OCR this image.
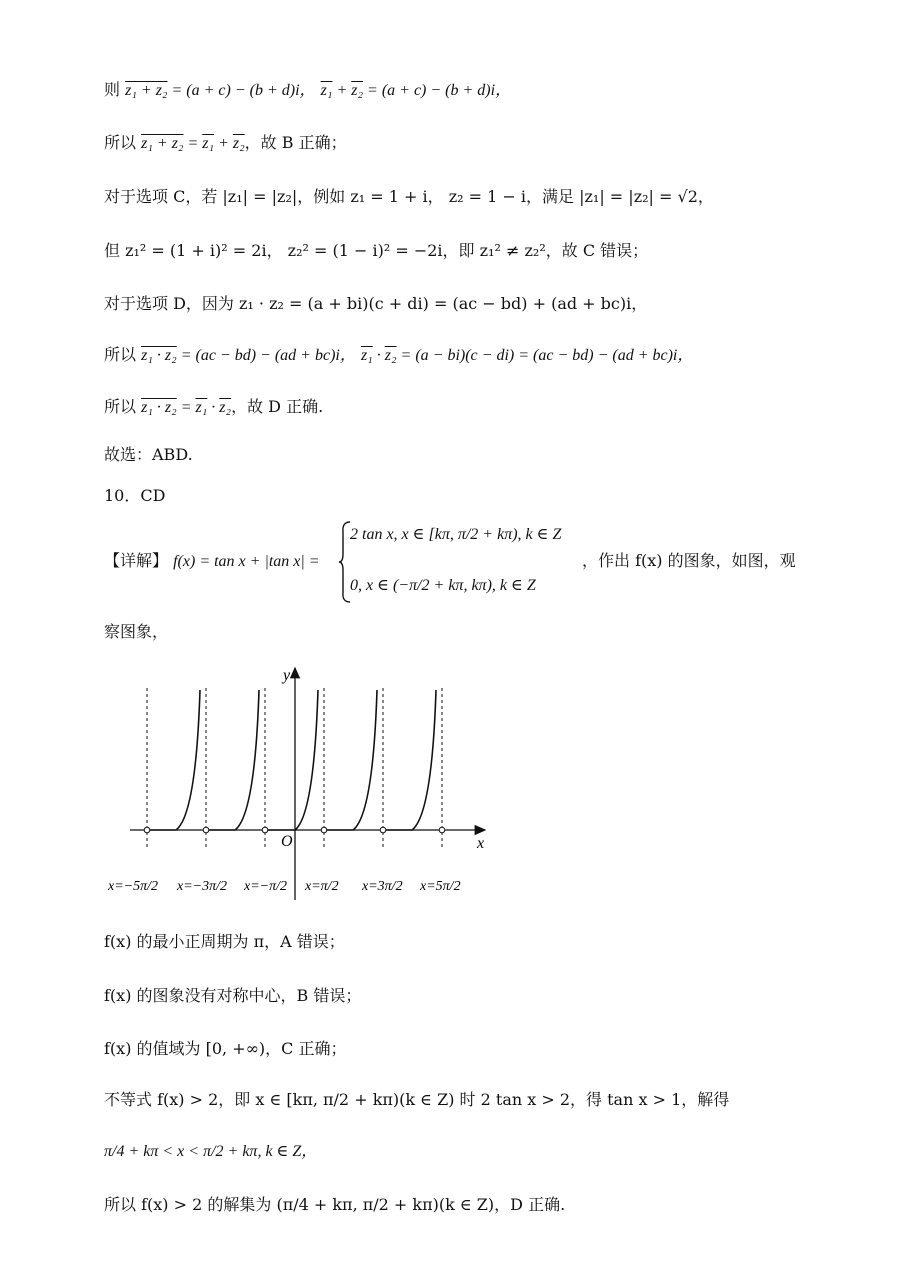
则 z₁ + z₂ = (a + c) − (b + d)i， z₁ + z₂ = (a + c) − (b + d)i，
所以 z₁ + z₂ = z₁ + z₂，故 B 正确；
对于选项 C，若 |z₁| = |z₂|，例如 z₁ = 1 + i， z₂ = 1 − i，满足 |z₁| = |z₂| = √2，
但 z₁² = (1 + i)² = 2i， z₂² = (1 − i)² = −2i，即 z₁² ≠ z₂²，故 C 错误；
对于选项 D，因为 z₁ · z₂ = (a + bi)(c + di) = (ac − bd) + (ad + bc)i，
所以 z₁ · z₂ = (ac − bd) − (ad + bc)i， z₁ · z₂ = (a − bi)(c − di) = (ac − bd) − (ad + bc)i，
所以 z₁ · z₂ = z₁ · z₂，故 D 正确.
故选：ABD.
10．CD
【详解】 f(x) = tan x + |tan x| =
2 tan x, x ∈ [kπ, π/2 + kπ), k ∈ Z
0, x ∈ (−π/2 + kπ, kπ), k ∈ Z
，作出 f(x) 的图象，如图，观
察图象，
O
y
x
x=−5π/2 x=−3π/2 x=−π/2 x=π/2 x=3π/2 x=5π/2
f(x) 的最小正周期为 π，A 错误；
f(x) 的图象没有对称中心，B 错误；
f(x) 的值域为 [0, +∞)，C 正确；
不等式 f(x) > 2，即 x ∈ [kπ, π/2 + kπ)(k ∈ Z) 时 2 tan x > 2，得 tan x > 1，解得
π/4 + kπ < x < π/2 + kπ, k ∈ Z，
所以 f(x) > 2 的解集为 (π/4 + kπ, π/2 + kπ)(k ∈ Z)，D 正确.
